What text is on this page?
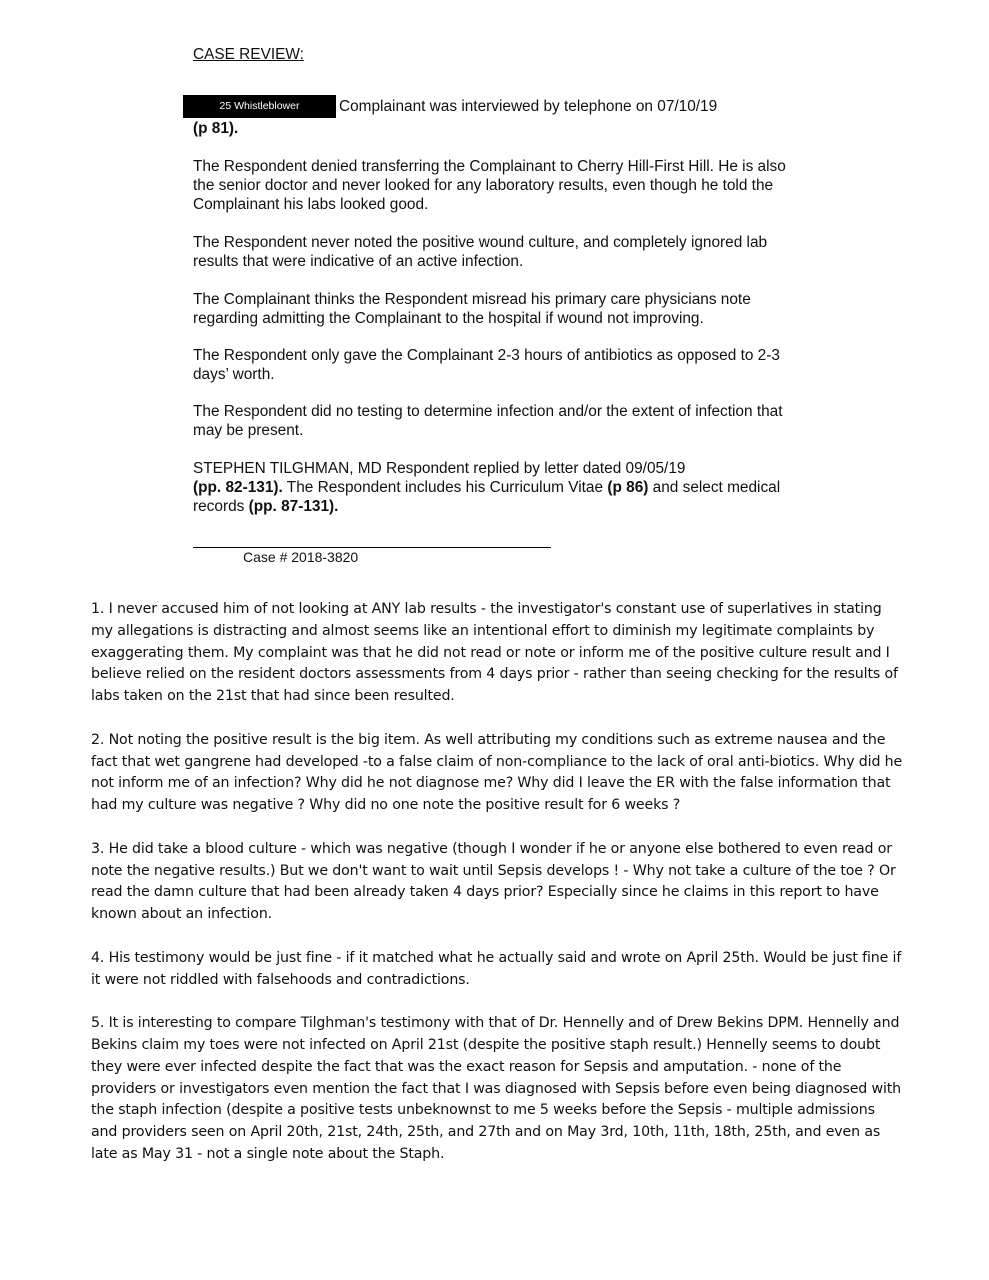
CASE REVIEW:
25 Whistleblower	Complainant was interviewed by telephone on 07/10/19
(p 81).

The Respondent denied transferring the Complainant to Cherry Hill-First Hill. He is also the senior doctor and never looked for any laboratory results, even though he told the Complainant his labs looked good.

The Respondent never noted the positive wound culture, and completely ignored lab results that were indicative of an active infection.

The Complainant thinks the Respondent misread his primary care physicians note regarding admitting the Complainant to the hospital if wound not improving.

The Respondent only gave the Complainant 2-3 hours of antibiotics as opposed to 2-3 days’ worth.

The Respondent did no testing to determine infection and/or the extent of infection that may be present.

STEPHEN TILGHMAN, MD Respondent replied by letter dated 09/05/19
(pp. 82-131). The Respondent includes his Curriculum Vitae (p 86) and select medical records (pp. 87-131).

Case # 2018-3820

1. I never accused him of not looking at ANY lab results - the investigator's constant use of superlatives in stating my allegations is distracting and almost seems like an intentional effort to diminish my legitimate complaints by exaggerating them. My complaint was that he did not read or note or inform me of the positive culture result and I believe relied on the resident doctors assessments from 4 days prior - rather than seeing checking for the results of labs taken on the 21st that had since been resulted.

2. Not noting the positive result is the big item. As well attributing my conditions such as extreme nausea and the fact that wet gangrene had developed -to a false claim of non-compliance to the lack of oral anti-biotics. Why did he not inform me of an infection? Why did he not diagnose me? Why did I leave the ER with the false information that had my culture was negative ? Why did no one note the positive result for 6 weeks ?

3. He did take a blood culture - which was negative (though I wonder if he or anyone else bothered to even read or note the negative results.) But we don't want to wait until Sepsis develops ! - Why not take a culture of the toe ? Or read the damn culture that had been already taken 4 days prior? Especially since he claims in this report to have known about an infection.

4. His testimony would be just fine - if it matched what he actually said and wrote on April 25th. Would be just fine if it were not riddled with falsehoods and contradictions.

5. It is interesting to compare Tilghman's testimony with that of Dr. Hennelly and of Drew Bekins DPM. Hennelly and Bekins claim my toes were not infected on April 21st (despite the positive staph result.) Hennelly seems to doubt they were ever infected despite the fact that was the exact reason for Sepsis and amputation. - none of the providers or investigators even mention the fact that I was diagnosed with Sepsis before even being diagnosed with the staph infection (despite a positive tests unbeknownst to me 5 weeks before the Sepsis - multiple admissions and providers seen on April 20th, 21st, 24th, 25th, and 27th and on May 3rd, 10th, 11th, 18th, 25th, and even as late as May 31 - not a single note about the Staph.
